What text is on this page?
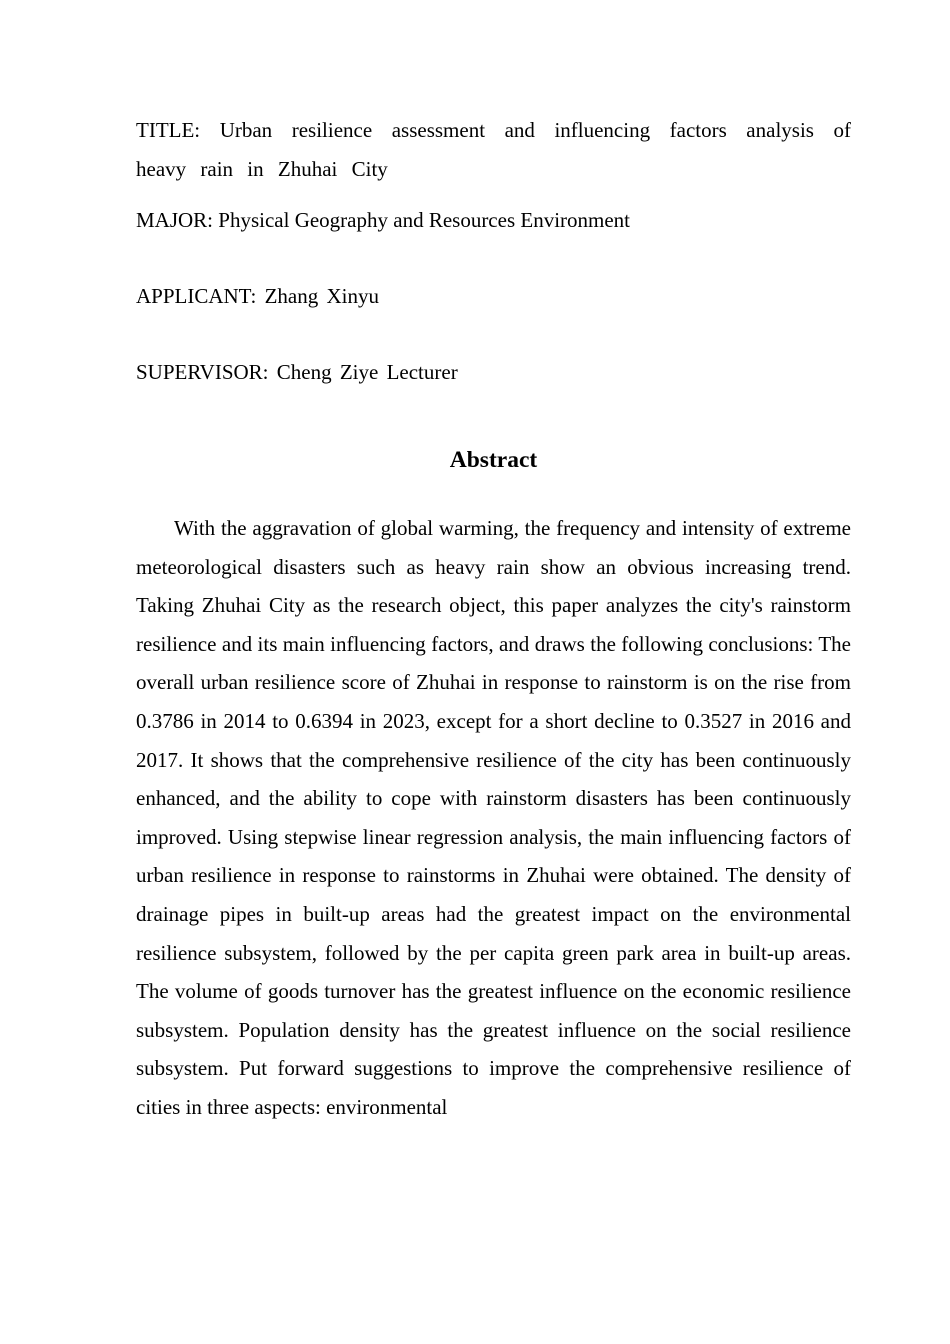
TITLE: Urban resilience assessment and influencing factors analysis of heavy rain in Zhuhai City

MAJOR: Physical Geography and Resources Environment

APPLICANT: Zhang Xinyu

SUPERVISOR: Cheng Ziye Lecturer

Abstract

With the aggravation of global warming, the frequency and intensity of extreme meteorological disasters such as heavy rain show an obvious increasing trend. Taking Zhuhai City as the research object, this paper analyzes the city's rainstorm resilience and its main influencing factors, and draws the following conclusions: The overall urban resilience score of Zhuhai in response to rainstorm is on the rise from 0.3786 in 2014 to 0.6394 in 2023, except for a short decline to 0.3527 in 2016 and 2017. It shows that the comprehensive resilience of the city has been continuously enhanced, and the ability to cope with rainstorm disasters has been continuously improved. Using stepwise linear regression analysis, the main influencing factors of urban resilience in response to rainstorms in Zhuhai were obtained. The density of drainage pipes in built-up areas had the greatest impact on the environmental resilience subsystem, followed by the per capita green park area in built-up areas. The volume of goods turnover has the greatest influence on the economic resilience subsystem. Population density has the greatest influence on the social resilience subsystem. Put forward suggestions to improve the comprehensive resilience of cities in three aspects: environmental
